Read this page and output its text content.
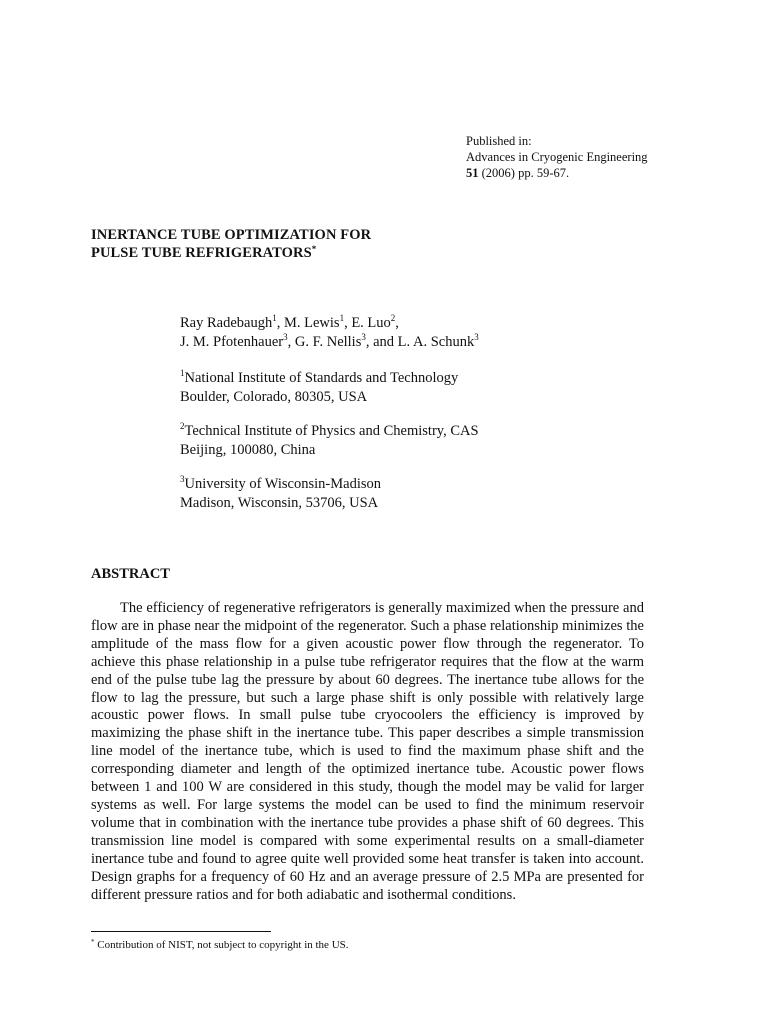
Published in:
Advances in Cryogenic Engineering
51 (2006) pp. 59-67.
INERTANCE TUBE OPTIMIZATION FOR
PULSE TUBE REFRIGERATORS*
Ray Radebaugh$^1$, M. Lewis$^1$, E. Luo$^2$,
J. M. Pfotenhauer$^3$, G. F. Nellis$^3$, and L. A. Schunk$^3$
$^1$National Institute of Standards and Technology
Boulder, Colorado, 80305, USA
$^2$Technical Institute of Physics and Chemistry, CAS
Beijing, 100080, China
$^3$University of Wisconsin-Madison
Madison, Wisconsin, 53706, USA
ABSTRACT

The efficiency of regenerative refrigerators is generally maximized when the pressure and flow are in phase near the midpoint of the regenerator. Such a phase relationship minimizes the amplitude of the mass flow for a given acoustic power flow through the regenerator. To achieve this phase relationship in a pulse tube refrigerator requires that the flow at the warm end of the pulse tube lag the pressure by about 60 degrees. The inertance tube allows for the flow to lag the pressure, but such a large phase shift is only possible with relatively large acoustic power flows. In small pulse tube cryocoolers the efficiency is improved by maximizing the phase shift in the inertance tube. This paper describes a simple transmission line model of the inertance tube, which is used to find the maximum phase shift and the corresponding diameter and length of the optimized inertance tube. Acoustic power flows between 1 and 100 W are considered in this study, though the model may be valid for larger systems as well. For large systems the model can be used to find the minimum reservoir volume that in combination with the inertance tube provides a phase shift of 60 degrees. This transmission line model is compared with some experimental results on a small-diameter inertance tube and found to agree quite well provided some heat transfer is taken into account. Design graphs for a frequency of 60 Hz and an average pressure of 2.5 MPa are presented for different pressure ratios and for both adiabatic and isothermal conditions.

* Contribution of NIST, not subject to copyright in the US.
